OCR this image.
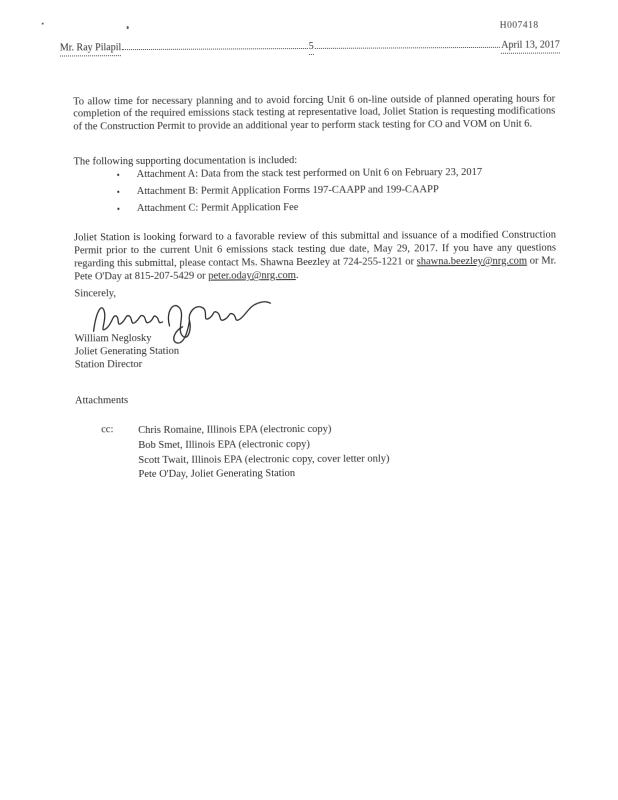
H007418
Mr. Ray Pilapil	5	April 13, 2017

To allow time for necessary planning and to avoid forcing Unit 6 on-line outside of planned operating hours for completion of the required emissions stack testing at representative load, Joliet Station is requesting modifications of the Construction Permit to provide an additional year to perform stack testing for CO and VOM on Unit 6.

The following supporting documentation is included:

•	Attachment A: Data from the stack test performed on Unit 6 on February 23, 2017
•	Attachment B: Permit Application Forms 197-CAAPP and 199-CAAPP
•	Attachment C: Permit Application Fee

Joliet Station is looking forward to a favorable review of this submittal and issuance of a modified Construction Permit prior to the current Unit 6 emissions stack testing due date, May 29, 2017. If you have any questions regarding this submittal, please contact Ms. Shawna Beezley at 724-255-1221 or shawna.beezley@nrg.com or Mr. Pete O'Day at 815-207-5429 or peter.oday@nrg.com.

Sincerely,
William Neglosky
Joliet Generating Station
Station Director
Attachments
cc:	Chris Romaine, Illinois EPA (electronic copy)
Bob Smet, Illinois EPA (electronic copy)
Scott Twait, Illinois EPA (electronic copy, cover letter only)
Pete O'Day, Joliet Generating Station
